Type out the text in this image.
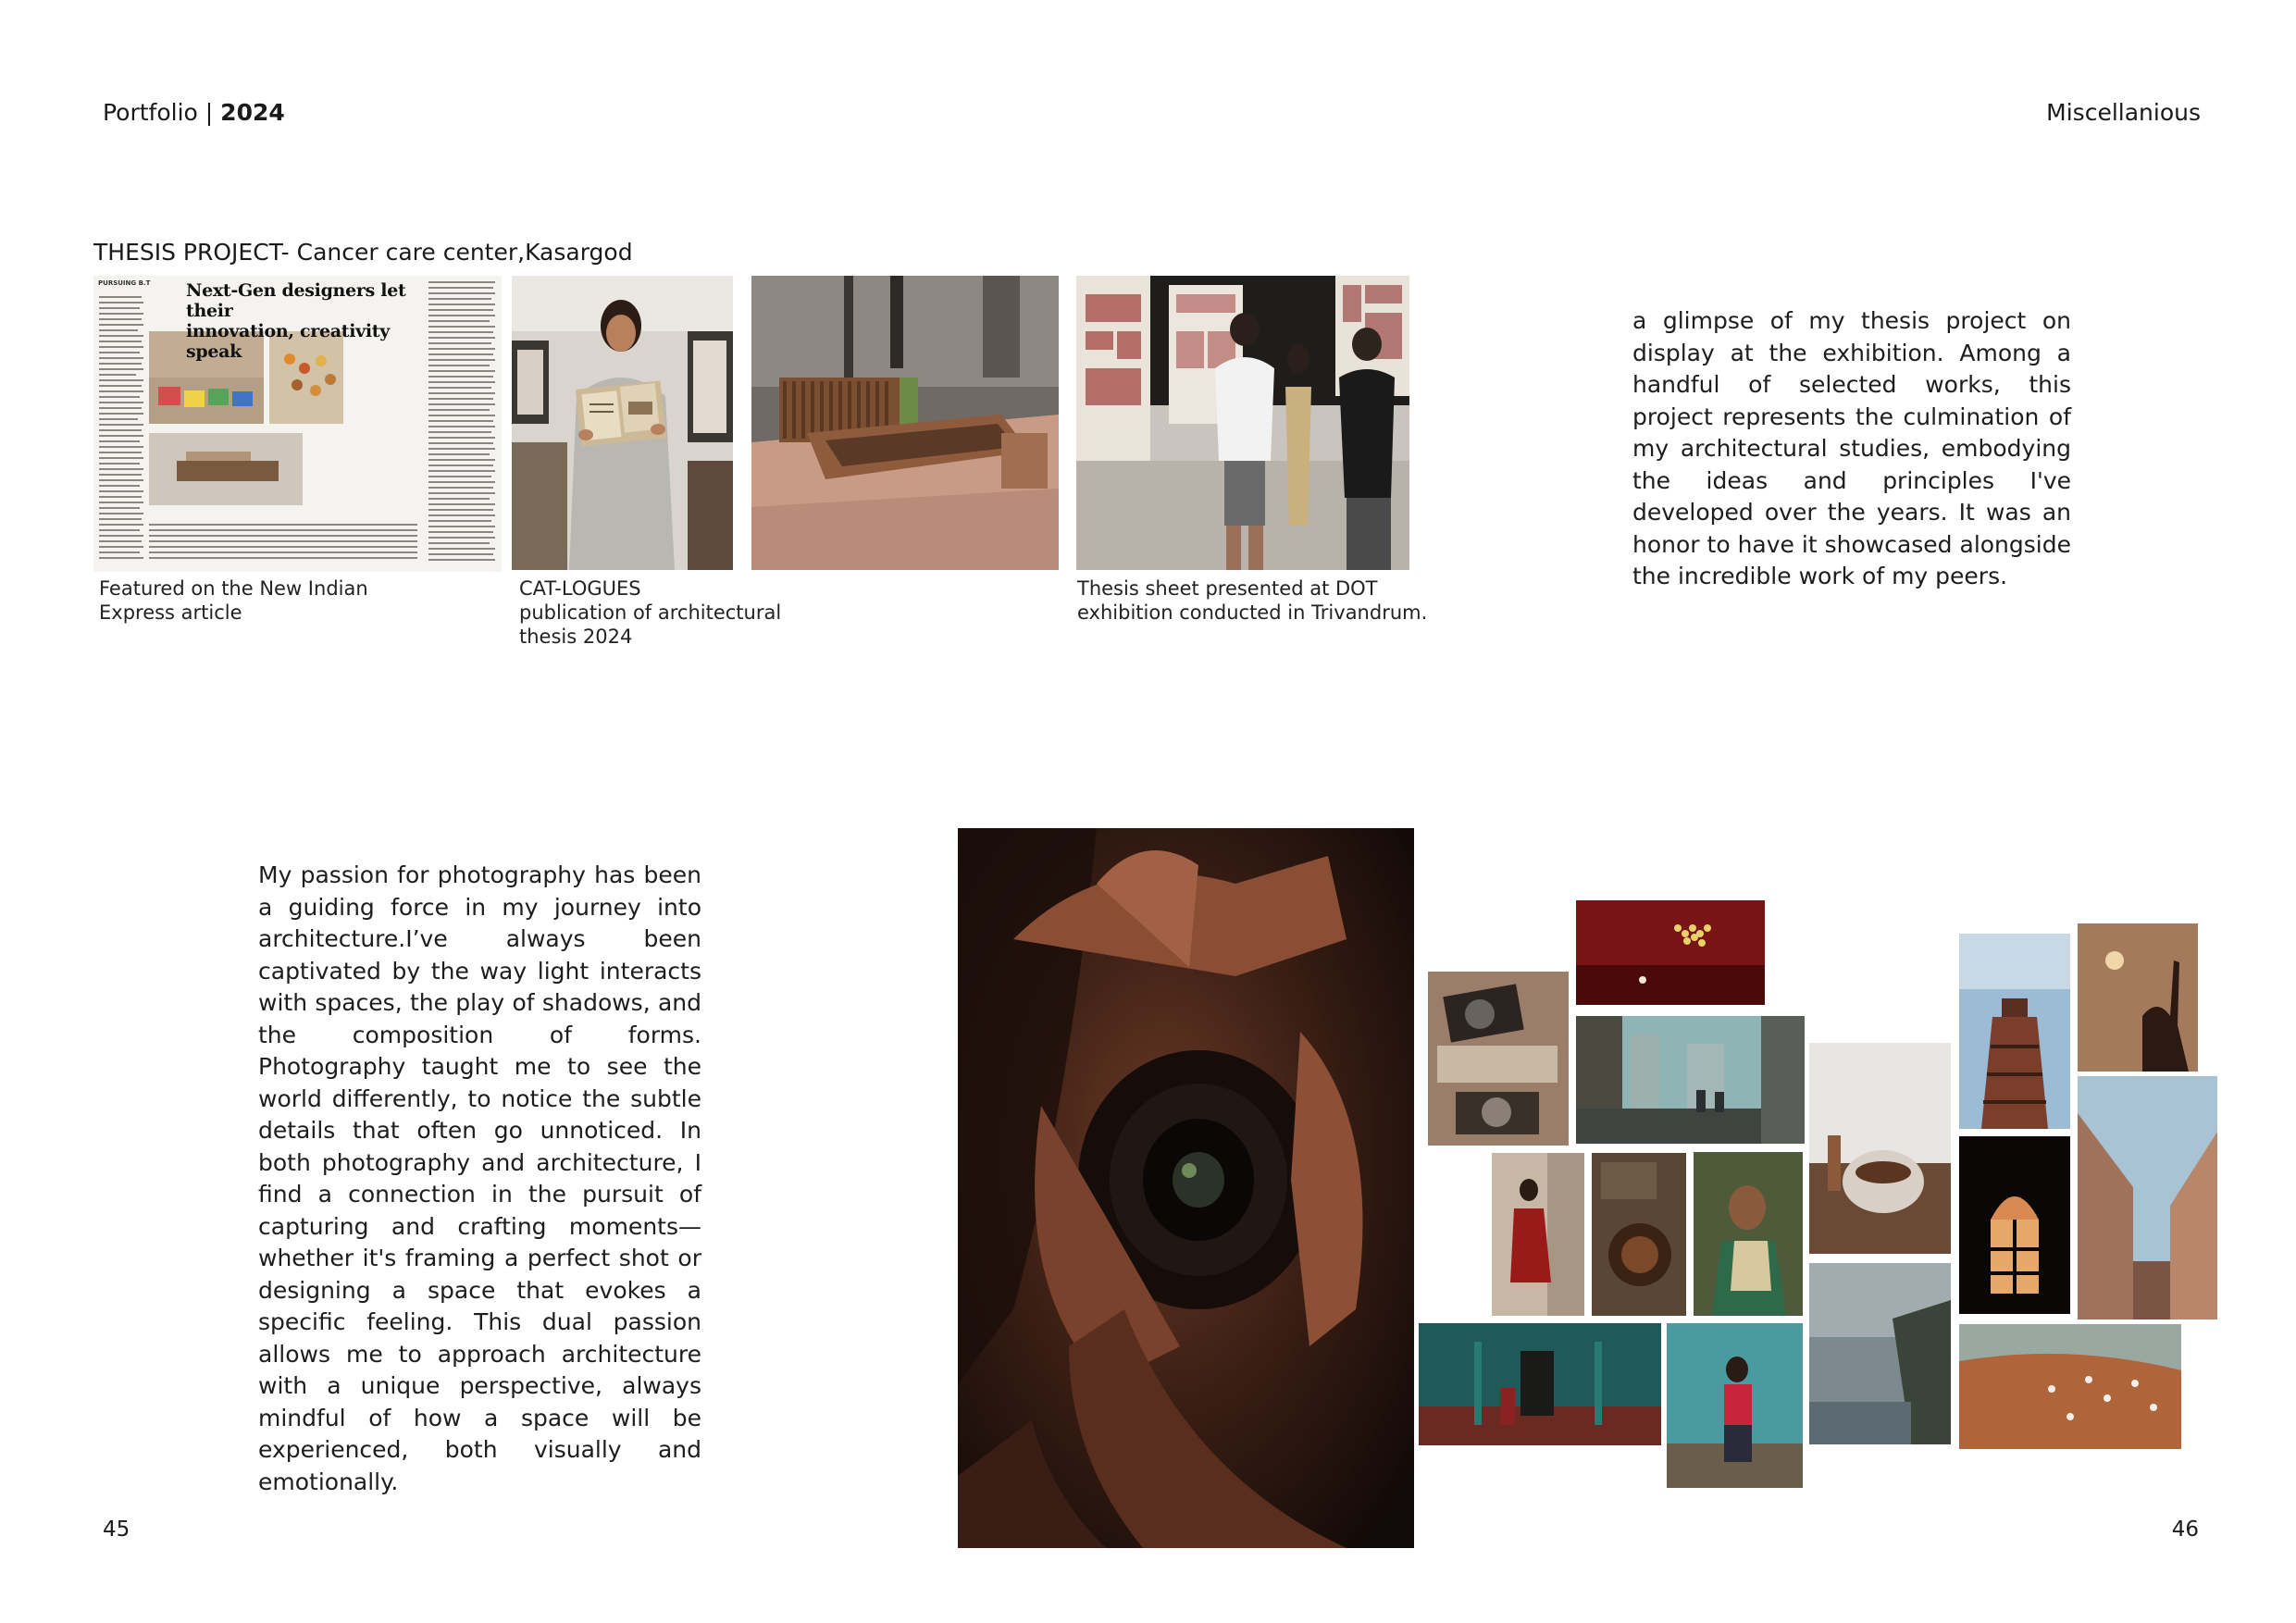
Portfolio | 2024	Miscellanious
THESIS PROJECT- Cancer care center,Kasargod
PURSUING B.T Next-Gen designers let their
innovation, creativity speak
Featured on the New Indian
Express article
CAT-LOGUES
publication of architectural
thesis 2024
Thesis sheet presented at DOT
exhibition conducted in Trivandrum.
a glimpse of my thesis project on display at the exhibition. Among a handful of selected works, this project represents the culmination of my architectural studies, embodying the ideas and principles I've developed over the years. It was an honor to have it showcased alongside the incredible work of my peers.
My passion for photography has been a guiding force in my journey into architecture.I’ve always been captivated by the way light interacts with spaces, the play of shadows, and the composition of forms. Photography taught me to see the world differently, to notice the subtle details that often go unnoticed. In both photography and architecture, I find a connection in the pursuit of capturing and crafting moments—whether it's framing a perfect shot or designing a space that evokes a specific feeling. This dual passion allows me to approach architecture with a unique perspective, always mindful of how a space will be experienced, both visually and emotionally.
45	46
